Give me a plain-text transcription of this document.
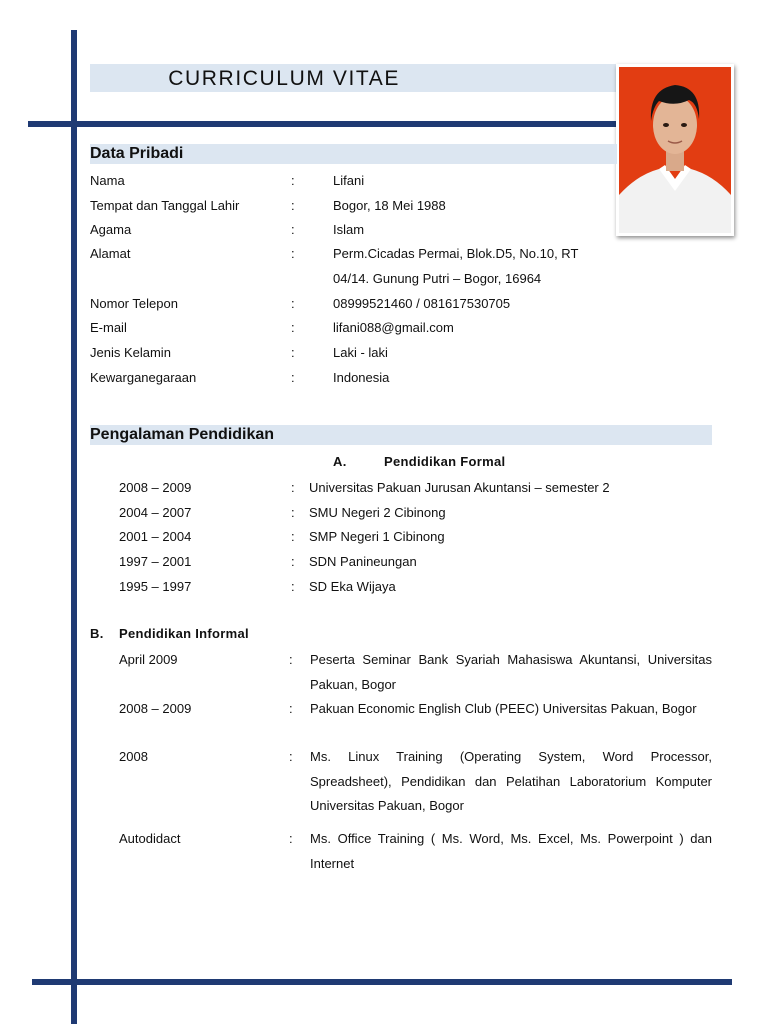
CURRICULUM VITAE
Data Pribadi
Nama	:	Lifani
Tempat dan Tanggal Lahir	:	Bogor, 18 Mei 1988
Agama	:	Islam
Alamat	:	Perm.Cicadas Permai, Blok.D5, No.10, RT
04/14. Gunung Putri – Bogor, 16964
Nomor Telepon	:	08999521460 / 081617530705
E-mail	:	lifani088@gmail.com
Jenis Kelamin	:	Laki - laki
Kewarganegaraan	:	Indonesia
Pengalaman Pendidikan
A.	Pendidikan Formal
2008 – 2009	: Universitas Pakuan Jurusan Akuntansi – semester 2
2004 – 2007	: SMU Negeri 2 Cibinong
2001 – 2004	: SMP Negeri 1 Cibinong
1997 – 2001	: SDN Panineungan
1995 – 1997	: SD Eka Wijaya
B. Pendidikan Informal
April 2009	: Peserta Seminar Bank Syariah Mahasiswa Akuntansi, Universitas Pakuan, Bogor
2008 – 2009	: Pakuan Economic English Club (PEEC) Universitas Pakuan, Bogor
2008	: Ms. Linux Training (Operating System, Word Processor, Spreadsheet), Pendidikan dan Pelatihan Laboratorium Komputer Universitas Pakuan, Bogor
Autodidact	: Ms. Office Training ( Ms. Word, Ms. Excel, Ms. Powerpoint ) dan Internet
